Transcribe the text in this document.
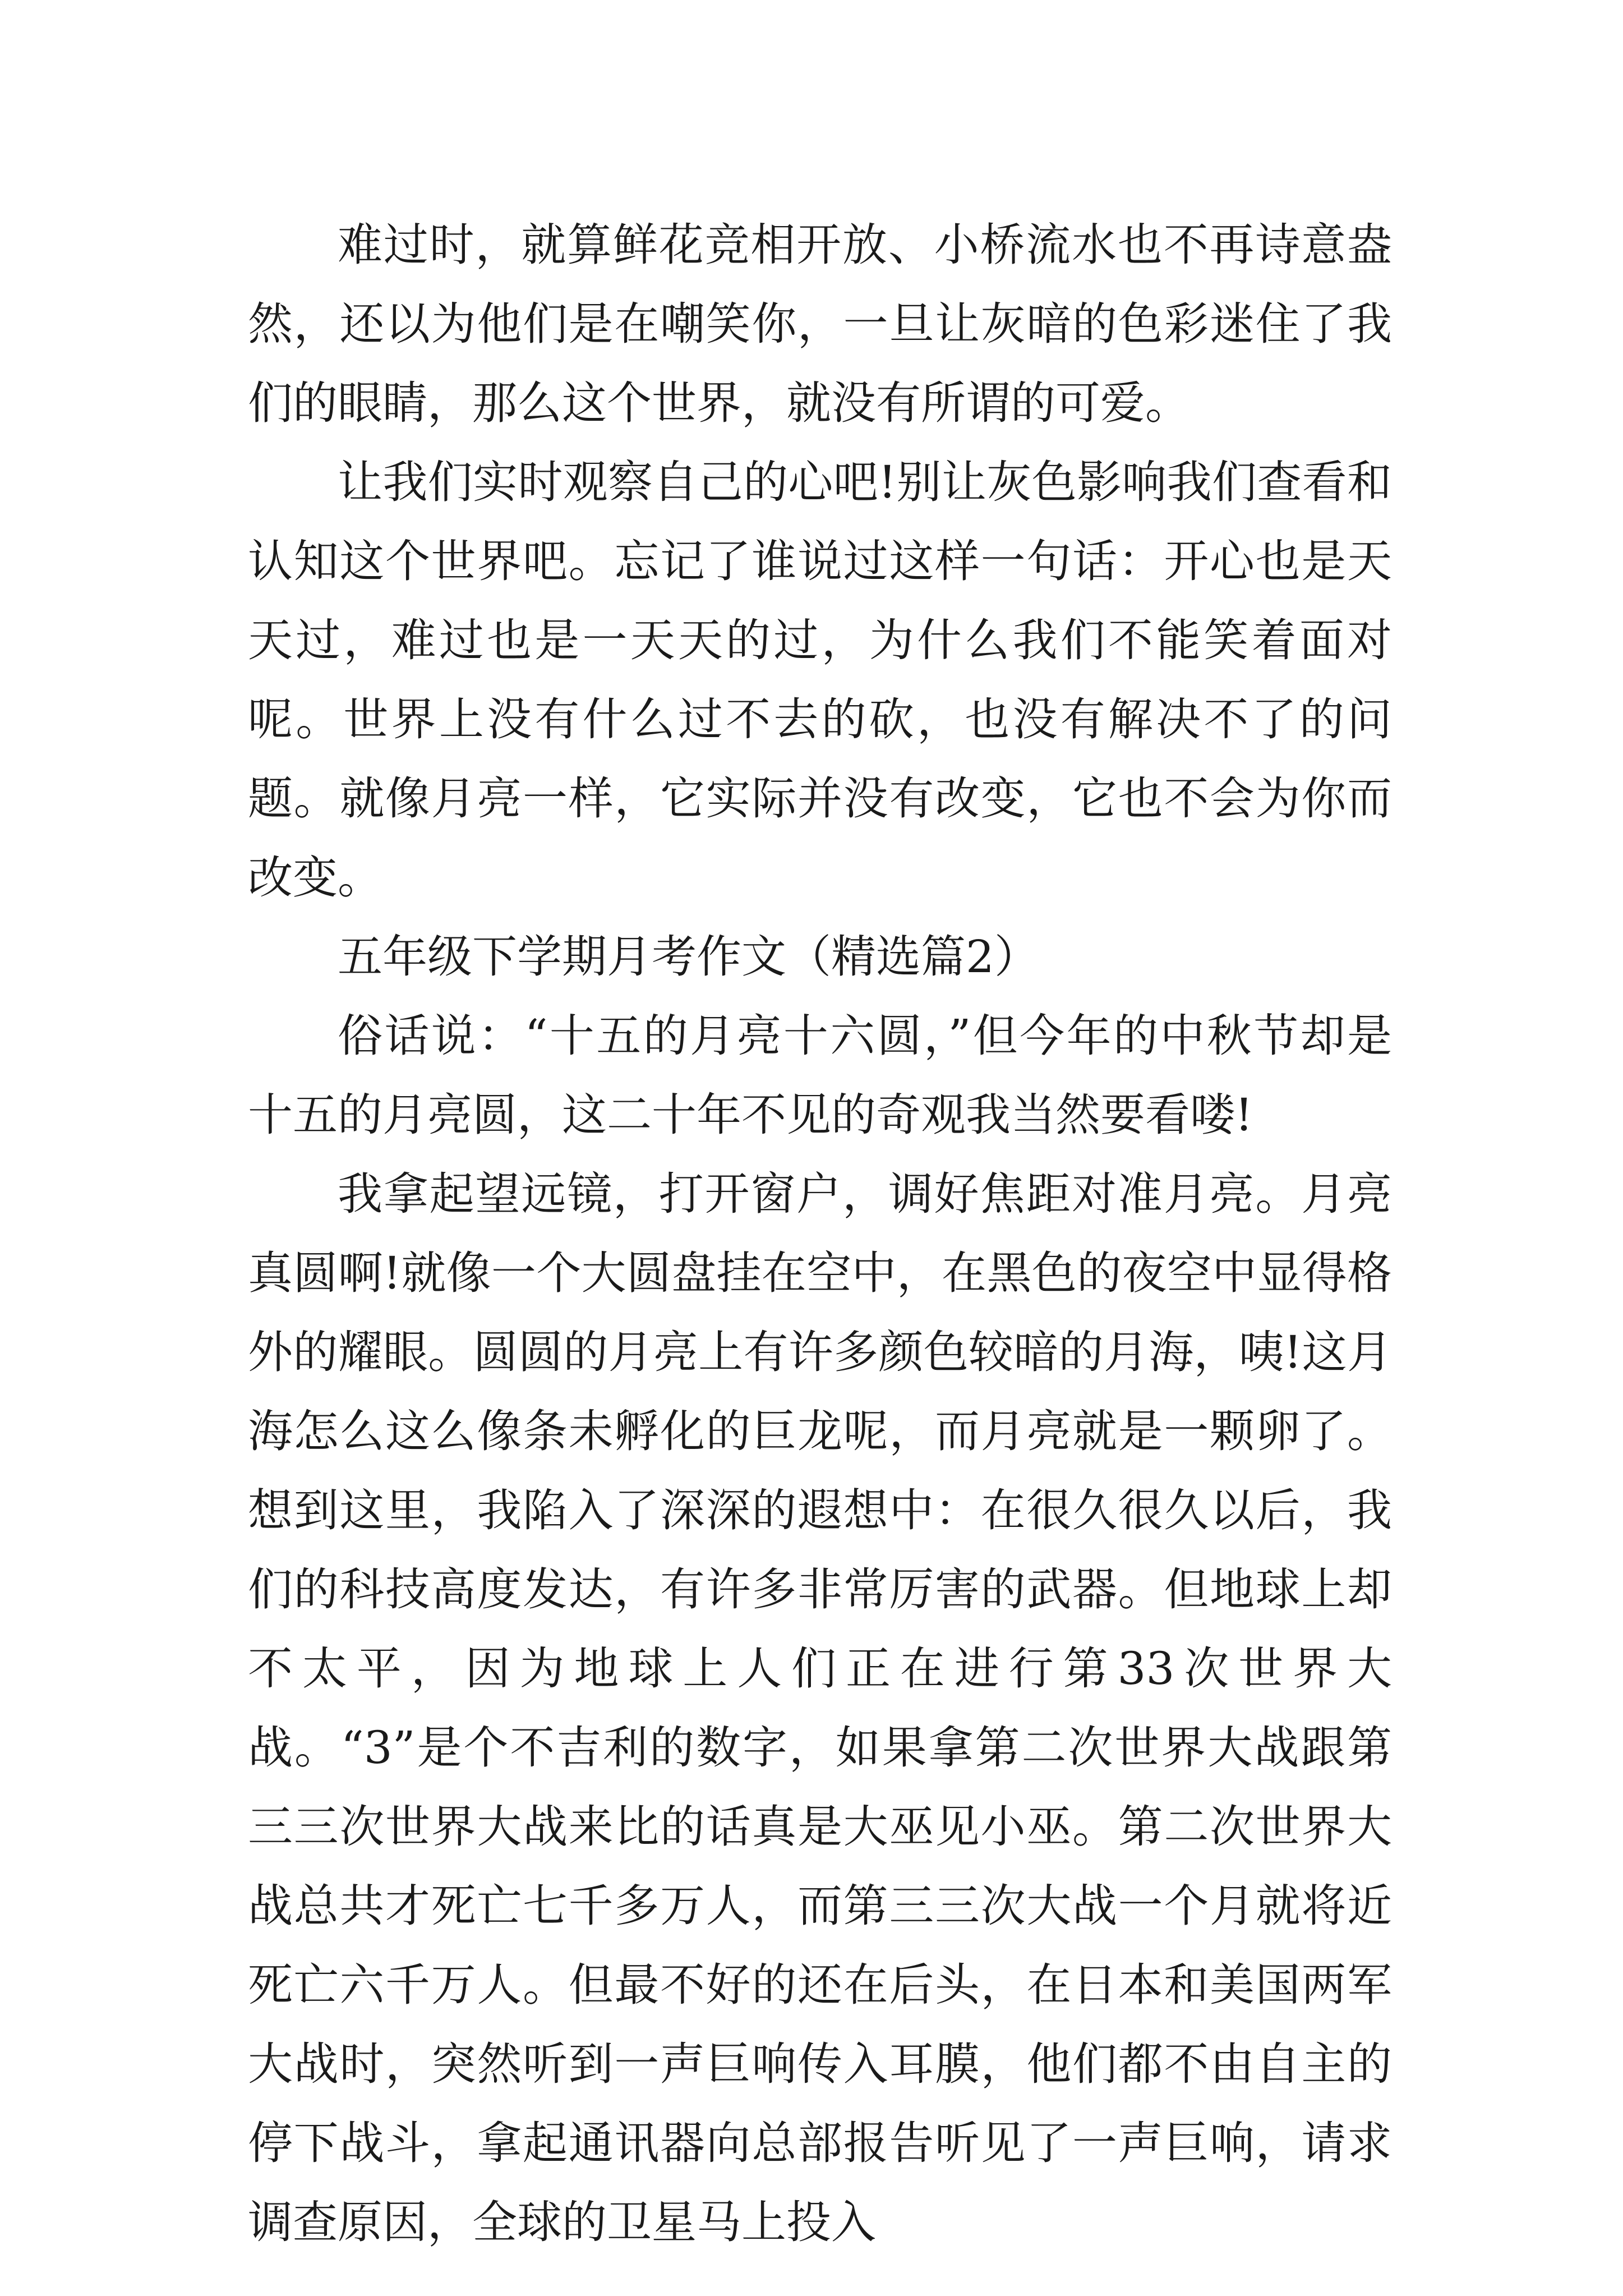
难过时，就算鲜花竞相开放、小桥流水也不再诗意盎然，还以为他们是在嘲笑你，一旦让灰暗的色彩迷住了我们的眼睛，那么这个世界，就没有所谓的可爱。

让我们实时观察自己的心吧!别让灰色影响我们查看和认知这个世界吧。忘记了谁说过这样一句话：开心也是天天过，难过也是一天天的过，为什么我们不能笑着面对呢。世界上没有什么过不去的砍，也没有解决不了的问题。就像月亮一样，它实际并没有改变，它也不会为你而改变。

五年级下学期月考作文（精选篇2）

俗话说：“十五的月亮十六圆，”但今年的中秋节却是十五的月亮圆，这二十年不见的奇观我当然要看喽!

我拿起望远镜，打开窗户，调好焦距对准月亮。月亮真圆啊!就像一个大圆盘挂在空中，在黑色的夜空中显得格外的耀眼。圆圆的月亮上有许多颜色较暗的月海，咦!这月海怎么这么像条未孵化的巨龙呢，而月亮就是一颗卵了。想到这里，我陷入了深深的遐想中：在很久很久以后，我们的科技高度发达，有许多非常厉害的武器。但地球上却不太平，因为地球上人们正在进行第33次世界大战。“3”是个不吉利的数字，如果拿第二次世界大战跟第三三次世界大战来比的话真是大巫见小巫。第二次世界大战总共才死亡七千多万人，而第三三次大战一个月就将近死亡六千万人。但最不好的还在后头，在日本和美国两军大战时，突然听到一声巨响传入耳膜，他们都不由自主的停下战斗，拿起通讯器向总部报告听见了一声巨响，请求调查原因，全球的卫星马上投入
